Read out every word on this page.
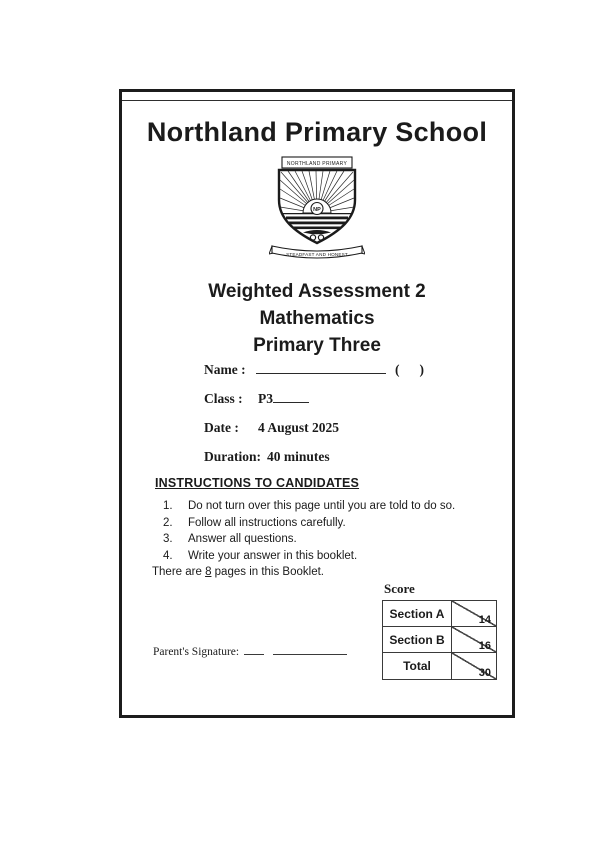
Northland Primary School
NP
NORTHLAND PRIMARY
STEADFAST AND HONEST
Weighted Assessment 2
Mathematics
Primary Three
Name :	( )
Class : P3
Date : 4 August 2025
Duration: 40 minutes
INSTRUCTIONS TO CANDIDATES
1. Do not turn over this page until you are told to do so.
2. Follow all instructions carefully.
3. Answer all questions.
4. Write your answer in this booklet.
There are 8 pages in this Booklet.
Score
Section A	14
Section B	16
Total	30
Parent's Signature:
